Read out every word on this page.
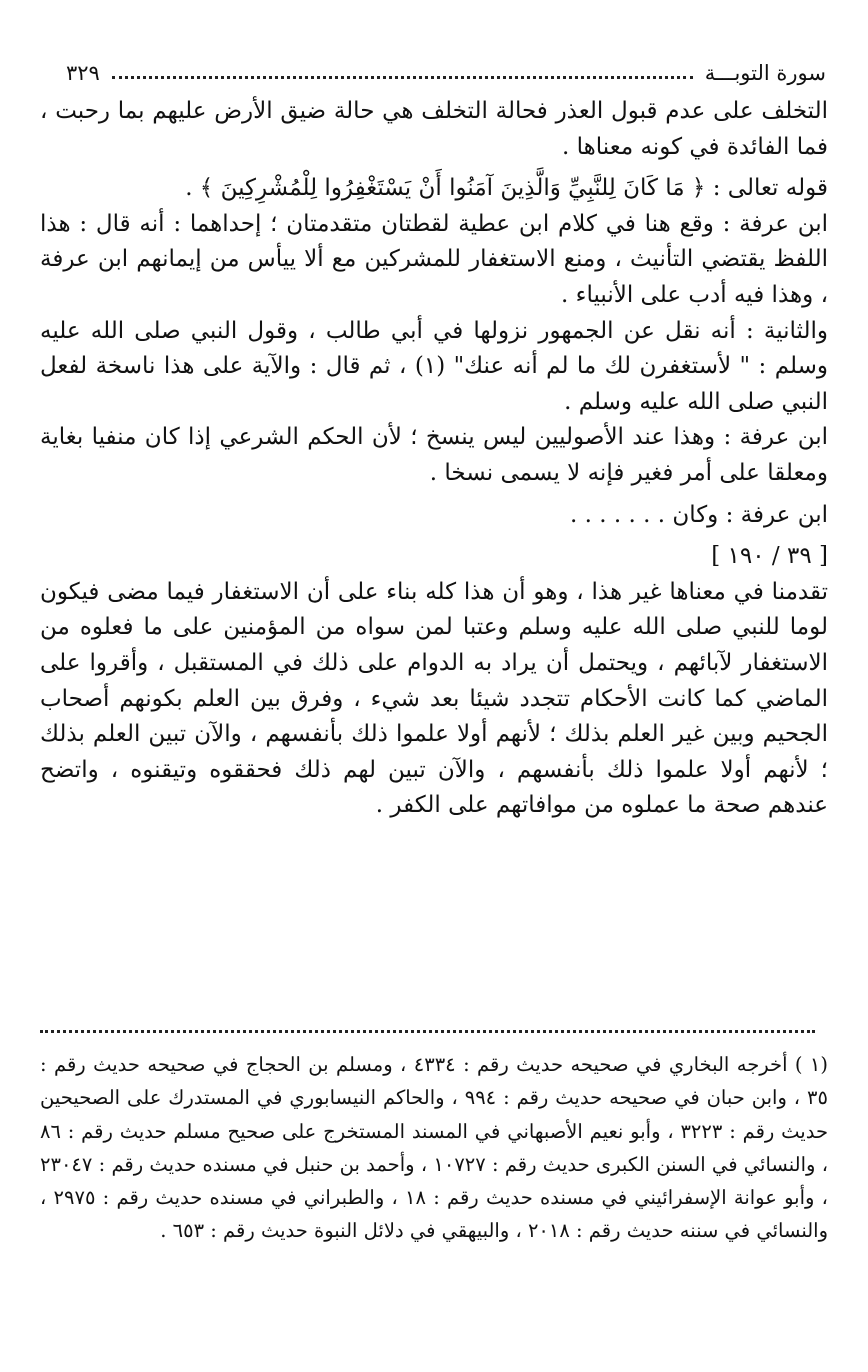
سورة التوبـــة
٣٢٩

التخلف على عدم قبول العذر فحالة التخلف هي حالة ضيق الأرض عليهم بما رحبت ، فما الفائدة في كونه معناها .

قوله تعالى : ﴿ مَا كَانَ لِلنَّبِيِّ وَالَّذِينَ آمَنُوا أَنْ يَسْتَغْفِرُوا لِلْمُشْرِكِينَ ﴾ .

ابن عرفة : وقع هنا في كلام ابن عطية لقطتان متقدمتان ؛ إحداهما : أنه قال : هذا اللفظ يقتضي التأنيث ، ومنع الاستغفار للمشركين مع ألا ييأس من إيمانهم ابن عرفة ، وهذا فيه أدب على الأنبياء .

والثانية : أنه نقل عن الجمهور نزولها في أبي طالب ، وقول النبي صلى الله عليه وسلم : " لأستغفرن لك ما لم أنه عنك" (١) ، ثم قال : والآية على هذا ناسخة لفعل النبي صلى الله عليه وسلم .

ابن عرفة : وهذا عند الأصوليين ليس ينسخ ؛ لأن الحكم الشرعي إذا كان منفيا بغاية ومعلقا على أمر فغير فإنه لا يسمى نسخا .

ابن عرفة : وكان . . . . . . .

[ ٣٩ / ١٩٠ ]

تقدمنا في معناها غير هذا ، وهو أن هذا كله بناء على أن الاستغفار فيما مضى فيكون لوما للنبي صلى الله عليه وسلم وعتبا لمن سواه من المؤمنين على ما فعلوه من الاستغفار لآبائهم ، ويحتمل أن يراد به الدوام على ذلك في المستقبل ، وأقروا على الماضي كما كانت الأحكام تتجدد شيئا بعد شيء ، وفرق بين العلم بكونهم أصحاب الجحيم وبين غير العلم بذلك ؛ لأنهم أولا علموا ذلك بأنفسهم ، والآن تبين العلم بذلك ؛ لأنهم أولا علموا ذلك بأنفسهم ، والآن تبين لهم ذلك فحققوه وتيقنوه ، واتضح عندهم صحة ما عملوه من موافاتهم على الكفر .

(١ ) أخرجه البخاري في صحيحه حديث رقم : ٤٣٣٤ ، ومسلم بن الحجاج في صحيحه حديث رقم : ٣٥ ، وابن حبان في صحيحه حديث رقم : ٩٩٤ ، والحاكم النيسابوري في المستدرك على الصحيحين حديث رقم : ٣٢٢٣ ، وأبو نعيم الأصبهاني في المسند المستخرج على صحيح مسلم حديث رقم : ٨٦ ، والنسائي في السنن الكبرى حديث رقم : ١٠٧٢٧ ، وأحمد بن حنبل في مسنده حديث رقم : ٢٣٠٤٧ ، وأبو عوانة الإسفرائيني في مسنده حديث رقم : ١٨ ، والطبراني في مسنده حديث رقم : ٢٩٧٥ ، والنسائي في سننه حديث رقم : ٢٠١٨ ، والبيهقي في دلائل النبوة حديث رقم : ٦٥٣ .
